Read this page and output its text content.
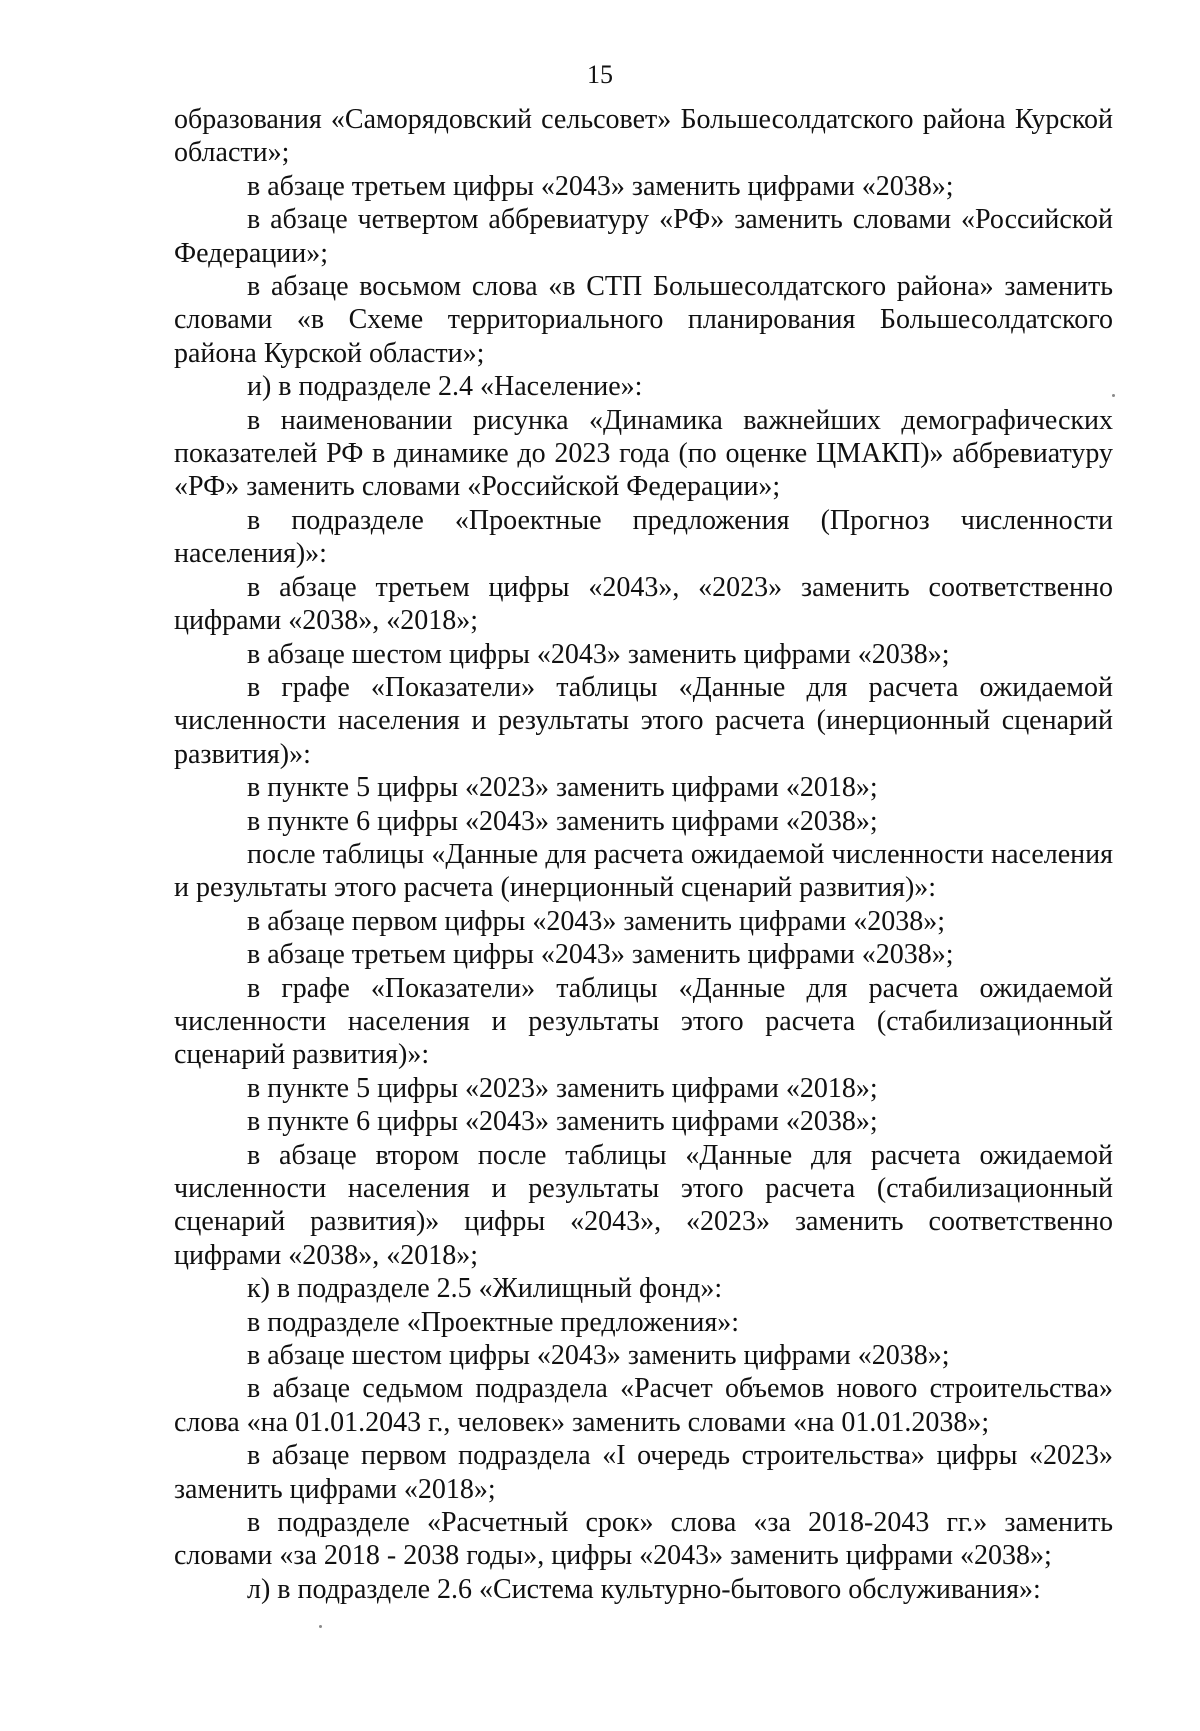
15

образования «Саморядовский сельсовет» Большесолдатского района Курской области»;

в абзаце третьем цифры «2043» заменить цифрами «2038»;

в абзаце четвертом аббревиатуру «РФ» заменить словами «Российской Федерации»;

в абзаце восьмом слова «в СТП Большесолдатского района» заменить словами «в Схеме территориального планирования Большесолдатского района Курской области»;

и) в подразделе 2.4 «Население»:

в наименовании рисунка «Динамика важнейших демографических показателей РФ в динамике до 2023 года (по оценке ЦМАКП)» аббревиатуру «РФ» заменить словами «Российской Федерации»;

в подразделе «Проектные предложения (Прогноз численности населения)»:

в абзаце третьем цифры «2043», «2023» заменить соответственно цифрами «2038», «2018»;

в абзаце шестом цифры «2043» заменить цифрами «2038»;

в графе «Показатели» таблицы «Данные для расчета ожидаемой численности населения и результаты этого расчета (инерционный сценарий развития)»:

в пункте 5 цифры «2023» заменить цифрами «2018»;

в пункте 6 цифры «2043» заменить цифрами «2038»;

после таблицы «Данные для расчета ожидаемой численности населения и результаты этого расчета (инерционный сценарий развития)»:

в абзаце первом цифры «2043» заменить цифрами «2038»;

в абзаце третьем цифры «2043» заменить цифрами «2038»;

в графе «Показатели» таблицы «Данные для расчета ожидаемой численности населения и результаты этого расчета (стабилизационный сценарий развития)»:

в пункте 5 цифры «2023» заменить цифрами «2018»;

в пункте 6 цифры «2043» заменить цифрами «2038»;

в абзаце втором после таблицы «Данные для расчета ожидаемой численности населения и результаты этого расчета (стабилизационный сценарий развития)» цифры «2043», «2023» заменить соответственно цифрами «2038», «2018»;

к) в подразделе 2.5 «Жилищный фонд»:

в подразделе «Проектные предложения»:

в абзаце шестом цифры «2043» заменить цифрами «2038»;

в абзаце седьмом подраздела «Расчет объемов нового строительства» слова «на 01.01.2043 г., человек» заменить словами «на 01.01.2038»;

в абзаце первом подраздела «I очередь строительства» цифры «2023» заменить цифрами «2018»;

в подразделе «Расчетный срок» слова «за 2018-2043 гг.» заменить словами «за 2018 - 2038 годы», цифры «2043» заменить цифрами «2038»;

л) в подразделе 2.6 «Система культурно-бытового обслуживания»:
